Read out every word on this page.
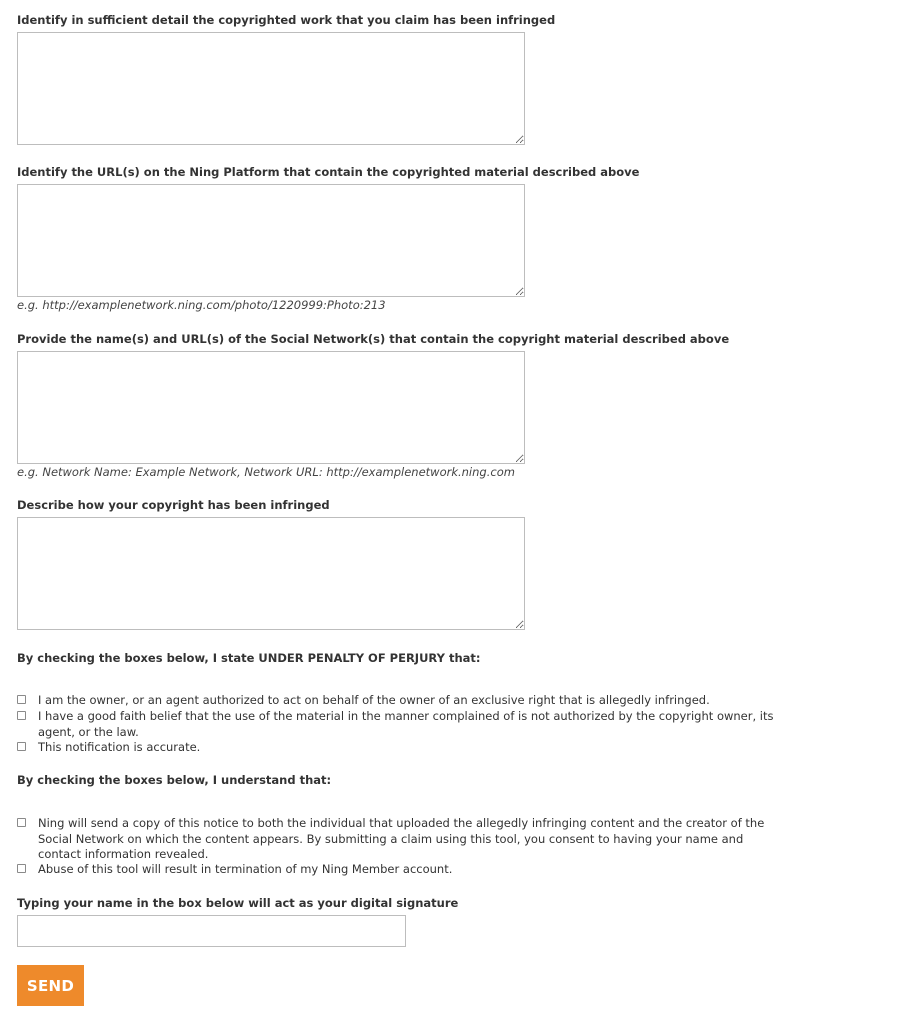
Identify in sufficient detail the copyrighted work that you claim has been infringed

Identify the URL(s) on the Ning Platform that contain the copyrighted material described above

e.g. http://examplenetwork.ning.com/photo/1220999:Photo:213

Provide the name(s) and URL(s) of the Social Network(s) that contain the copyright material described above

e.g. Network Name: Example Network, Network URL: http://examplenetwork.ning.com

Describe how your copyright has been infringed

By checking the boxes below, I state UNDER PENALTY OF PERJURY that:

I am the owner, or an agent authorized to act on behalf of the owner of an exclusive right that is allegedly infringed.
I have a good faith belief that the use of the material in the manner complained of is not authorized by the copyright owner, its agent, or the law.
This notification is accurate.

By checking the boxes below, I understand that:

Ning will send a copy of this notice to both the individual that uploaded the allegedly infringing content and the creator of the Social Network on which the content appears. By submitting a claim using this tool, you consent to having your name and contact information revealed.
Abuse of this tool will result in termination of my Ning Member account.

Typing your name in the box below will act as your digital signature

SEND
